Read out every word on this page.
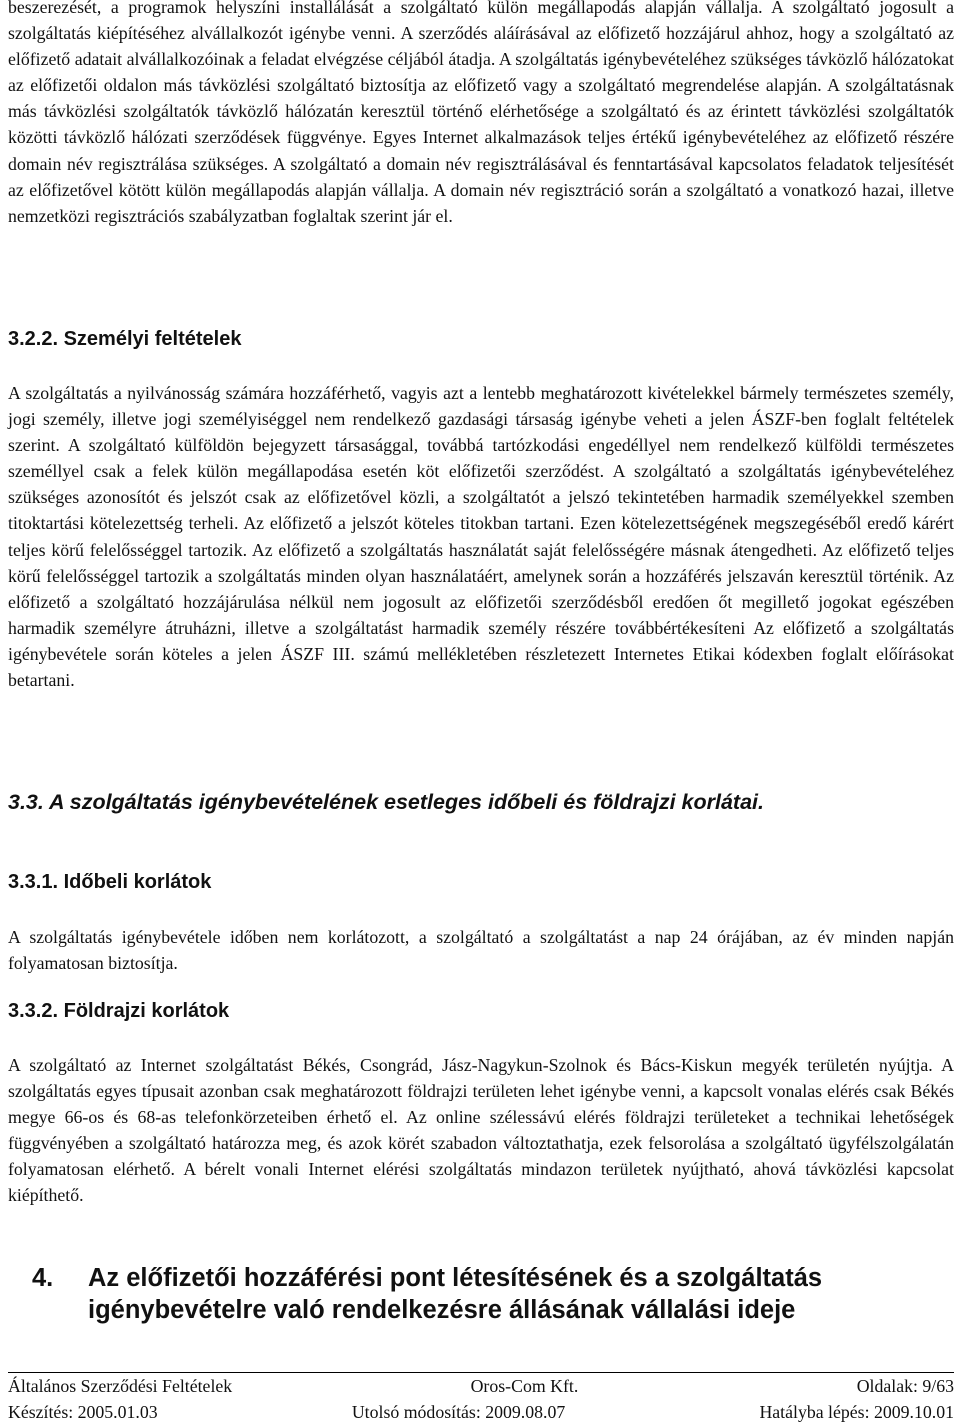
beszerezését, a programok helyszíni installálását a szolgáltató külön megállapodás alapján vállalja. A szolgáltató jogosult a szolgáltatás kiépítéséhez alvállalkozót igénybe venni. A szerződés aláírásával az előfizető hozzájárul ahhoz, hogy a szolgáltató az előfizető adatait alvállalkozóinak a feladat elvégzése céljából átadja. A szolgáltatás igénybevételéhez szükséges távközlő hálózatokat az előfizetői oldalon más távközlési szolgáltató biztosítja az előfizető vagy a szolgáltató megrendelése alapján. A szolgáltatásnak más távközlési szolgáltatók távközlő hálózatán keresztül történő elérhetősége a szolgáltató és az érintett távközlési szolgáltatók közötti távközlő hálózati szerződések függvénye. Egyes Internet alkalmazások teljes értékű igénybevételéhez az előfizető részére domain név regisztrálása szükséges. A szolgáltató a domain név regisztrálásával és fenntartásával kapcsolatos feladatok teljesítését az előfizetővel kötött külön megállapodás alapján vállalja. A domain név regisztráció során a szolgáltató a vonatkozó hazai, illetve nemzetközi regisztrációs szabályzatban foglaltak szerint jár el.

3.2.2. Személyi feltételek

A szolgáltatás a nyilvánosság számára hozzáférhető, vagyis azt a lentebb meghatározott kivételekkel bármely természetes személy, jogi személy, illetve jogi személyiséggel nem rendelkező gazdasági társaság igénybe veheti a jelen ÁSZF-ben foglalt feltételek szerint. A szolgáltató külföldön bejegyzett társasággal, továbbá tartózkodási engedéllyel nem rendelkező külföldi természetes személlyel csak a felek külön megállapodása esetén köt előfizetői szerződést. A szolgáltató a szolgáltatás igénybevételéhez szükséges azonosítót és jelszót csak az előfizetővel közli, a szolgáltatót a jelszó tekintetében harmadik személyekkel szemben titoktartási kötelezettség terheli. Az előfizető a jelszót köteles titokban tartani. Ezen kötelezettségének megszegéséből eredő kárért teljes körű felelősséggel tartozik. Az előfizető a szolgáltatás használatát saját felelősségére másnak átengedheti. Az előfizető teljes körű felelősséggel tartozik a szolgáltatás minden olyan használatáért, amelynek során a hozzáférés jelszaván keresztül történik. Az előfizető a szolgáltató hozzájárulása nélkül nem jogosult az előfizetői szerződésből eredően őt megillető jogokat egészében harmadik személyre átruházni, illetve a szolgáltatást harmadik személy részére továbbértékesíteni Az előfizető a szolgáltatás igénybevétele során köteles a jelen ÁSZF III. számú mellékletében részletezett Internetes Etikai kódexben foglalt előírásokat betartani.

3.3. A szolgáltatás igénybevételének esetleges időbeli és földrajzi korlátai.
3.3.1. Időbeli korlátok

A szolgáltatás igénybevétele időben nem korlátozott, a szolgáltató a szolgáltatást a nap 24 órájában, az év minden napján folyamatosan biztosítja.

3.3.2. Földrajzi korlátok

A szolgáltató az Internet szolgáltatást Békés, Csongrád, Jász-Nagykun-Szolnok és Bács-Kiskun megyék területén nyújtja. A szolgáltatás egyes típusait azonban csak meghatározott földrajzi területen lehet igénybe venni, a kapcsolt vonalas elérés csak Békés megye 66-os és 68-as telefonkörzeteiben érhető el. Az online szélessávú elérés földrajzi területeket a technikai lehetőségek függvényében a szolgáltató határozza meg, és azok körét szabadon változtathatja, ezek felsorolása a szolgáltató ügyfélszolgálatán folyamatosan elérhető. A bérelt vonali Internet elérési szolgáltatás mindazon területek nyújtható, ahová távközlési kapcsolat kiépíthető.

4.	Az előfizetői hozzáférési pont létesítésének és a szolgáltatás igénybevételre való rendelkezésre állásának vállalási ideje
Általános Szerződési Feltételek	Oros-Com Kft.	Oldalak: 9/63
Készítés: 2005.01.03	Utolsó módosítás: 2009.08.07	Hatályba lépés: 2009.10.01
